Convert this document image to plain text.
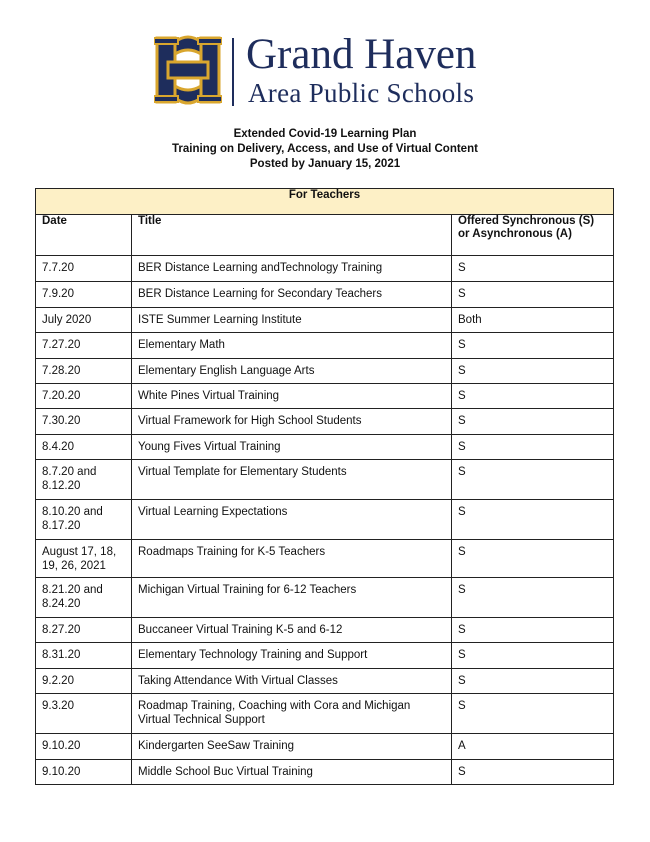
Grand Haven
Area Public Schools
Extended Covid-19 Learning Plan
Training on Delivery, Access, and Use of Virtual Content
Posted by January 15, 2021
For Teachers		
Date	Title	Offered Synchronous (S) or Asynchronous (A)
7.7.20	BER Distance Learning andTechnology Training	S
7.9.20	BER Distance Learning for Secondary Teachers	S
July 2020	ISTE Summer Learning Institute	Both
7.27.20	Elementary Math	S
7.28.20	Elementary English Language Arts	S
7.20.20	White Pines Virtual Training	S
7.30.20	Virtual Framework for High School Students	S
8.4.20	Young Fives Virtual Training	S
8.7.20 and 8.12.20	Virtual Template for Elementary Students	S
8.10.20 and 8.17.20	Virtual Learning Expectations	S
August 17, 18, 19, 26, 2021	Roadmaps Training for K-5 Teachers	S
8.21.20 and 8.24.20	Michigan Virtual Training for 6-12 Teachers	S
8.27.20	Buccaneer Virtual Training K-5 and 6-12	S
8.31.20	Elementary Technology Training and Support	S
9.2.20	Taking Attendance With Virtual Classes	S
9.3.20	Roadmap Training, Coaching with Cora and Michigan Virtual Technical Support	S
9.10.20	Kindergarten SeeSaw Training	A
9.10.20	Middle School Buc Virtual Training	S
